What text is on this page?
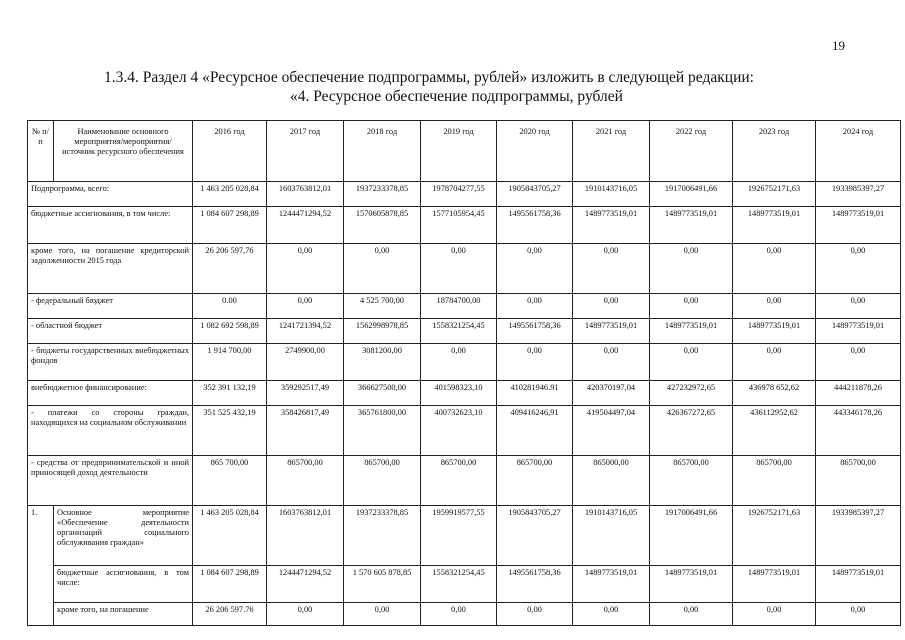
19
1.3.4. Раздел 4 «Ресурсное обеспечение подпрограммы, рублей» изложить в следующей редакции:
«4. Ресурсное обеспечение подпрограммы, рублей
№ п/п	Наименование основного мероприятия/мероприятия/ источник ресурсного обеспечения	2016 год	2017 год	2018 год	2019 год	2020 год	2021 год	2022 год	2023 год	2024 год
Подпрограмма, всего:		1 463 205 028,84	1603763812,01	1937233378,85	1978704277,55	1905843705,27	1910143716,05	1917006491,66	1926752171,63	1933985397,27
бюджетные ассигнования, в том числе:		1 084 607 298,89	1244471294,52	1570605878,85	1577105954,45	1495561758,36	1489773519,01	1489773519,01	1489773519,01	1489773519,01
кроме того, на погашение кредиторской задолженности 2015 года		26 206 597,76	0,00	0,00	0,00	0,00	0,00	0,00	0,00	0,00
- федеральный бюджет		0.00	0,00	4 525 700,00	18784700,00	0,00	0,00	0,00	0,00	0,00
- областной бюджет		1 082 692 598,89	1241721394,52	1562998978,85	1558321254,45	1495561758,36	1489773519,01	1489773519,01	1489773519,01	1489773519,01
- бюджеты государственных внебюджетных фондов		1 914 700,00	2749900,00	3081200,00	0,00	0,00	0,00	0,00	0,00	0,00
внебюджетное финансирование:		352 391 132,19	359292517,49	366627500,00	401598323,10	410281946.91	420370197,04	427232972,65	436978 652,62	444211878,26
- платежи со стороны граждан, находящихся на социальном обслуживании		351 525 432,19	358426817,49	365761800,00	400732623,10	409416246,91	419504497,04	426367272,65	436112952,62	443346178,26
- средства от предпринимательской и иной приносящей доход деятельности		865 700,00	865700,00	865700,00	865700,00	865700,00	865000,00	865700,00	865700,00	865700,00
1.	Основное мероприятие «Обеспечение деятельности организаций социального обслуживания граждан»	1 463 205 028,84	1603763812,01	1937233378,85	1959919577,55	1905843705,27	1910143716,05	1917006491,66	1926752171,63	1933985397,27
	бюджетные ассигнования, в том числе:	1 084 607 298,89	1244471294,52	1 570 605 878,85	1558321254,45	1495561758,36	1489773519,01	1489773519,01	1489773519,01	1489773519,01
	кроме того, на погашение	26 206 597.76	0,00	0,00	0,00	0,00	0,00	0,00	0,00	0,00
